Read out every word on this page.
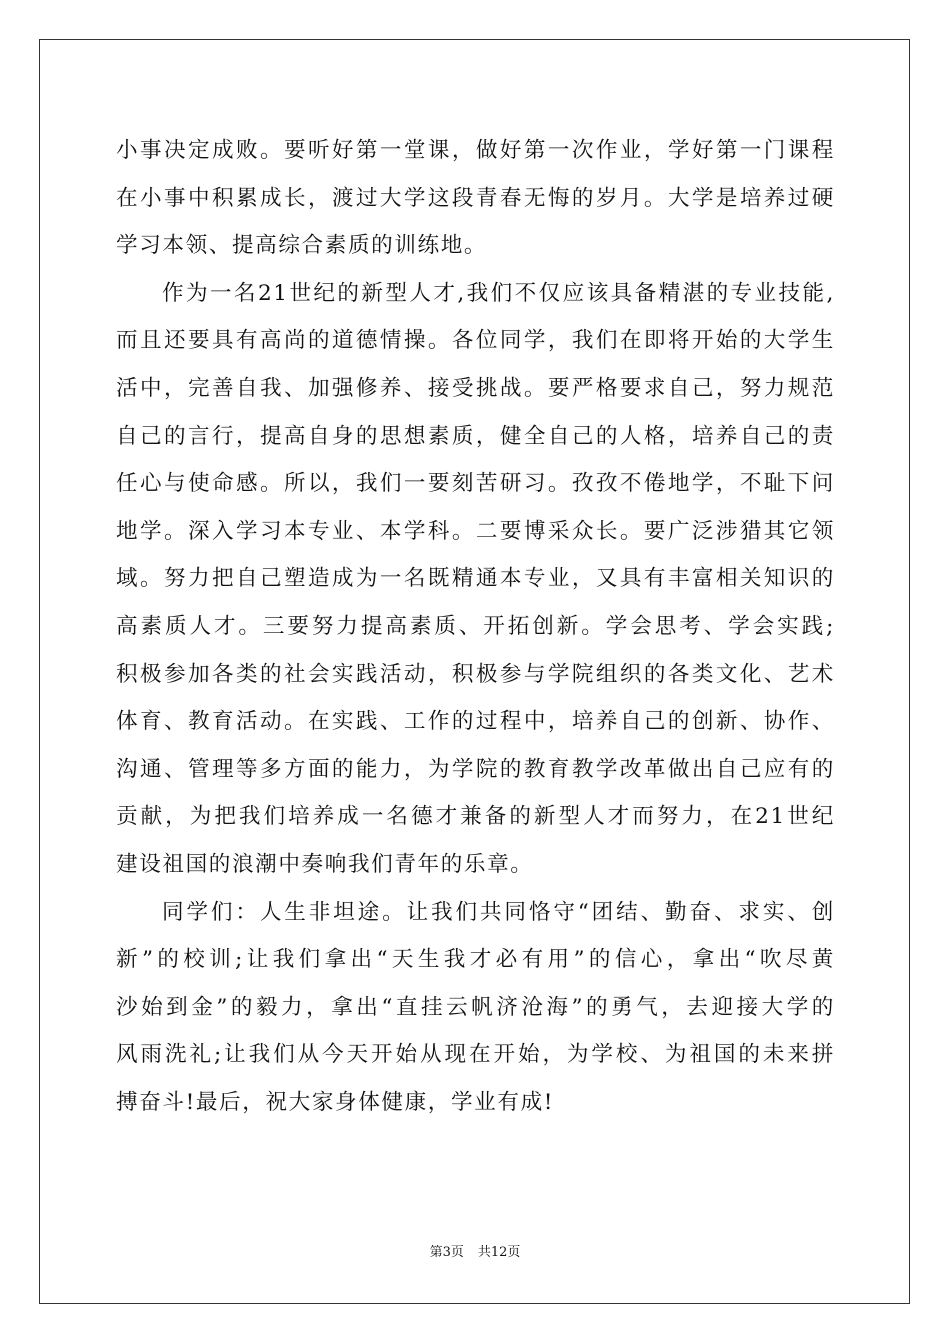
小事决定成败。要听好第一堂课，做好第一次作业，学好第一门课程
在小事中积累成长，渡过大学这段青春无悔的岁月。大学是培养过硬
学习本领、提高综合素质的训练地。
作为一名21世纪的新型人才,我们不仅应该具备精湛的专业技能,
而且还要具有高尚的道德情操。各位同学，我们在即将开始的大学生
活中，完善自我、加强修养、接受挑战。要严格要求自己，努力规范
自己的言行，提高自身的思想素质，健全自己的人格，培养自己的责
任心与使命感。所以，我们一要刻苦研习。孜孜不倦地学，不耻下问
地学。深入学习本专业、本学科。二要博采众长。要广泛涉猎其它领
域。努力把自己塑造成为一名既精通本专业，又具有丰富相关知识的
高素质人才。三要努力提高素质、开拓创新。学会思考、学会实践;
积极参加各类的社会实践活动，积极参与学院组织的各类文化、艺术
体育、教育活动。在实践、工作的过程中，培养自己的创新、协作、
沟通、管理等多方面的能力，为学院的教育教学改革做出自己应有的
贡献，为把我们培养成一名德才兼备的新型人才而努力，在21世纪
建设祖国的浪潮中奏响我们青年的乐章。
同学们：人生非坦途。让我们共同恪守“团结、勤奋、求实、创
新”的校训;让我们拿出“天生我才必有用”的信心，拿出“吹尽黄
沙始到金”的毅力，拿出“直挂云帆济沧海”的勇气，去迎接大学的
风雨洗礼;让我们从今天开始从现在开始，为学校、为祖国的未来拼
搏奋斗!最后，祝大家身体健康，学业有成!
第3页 共12页
